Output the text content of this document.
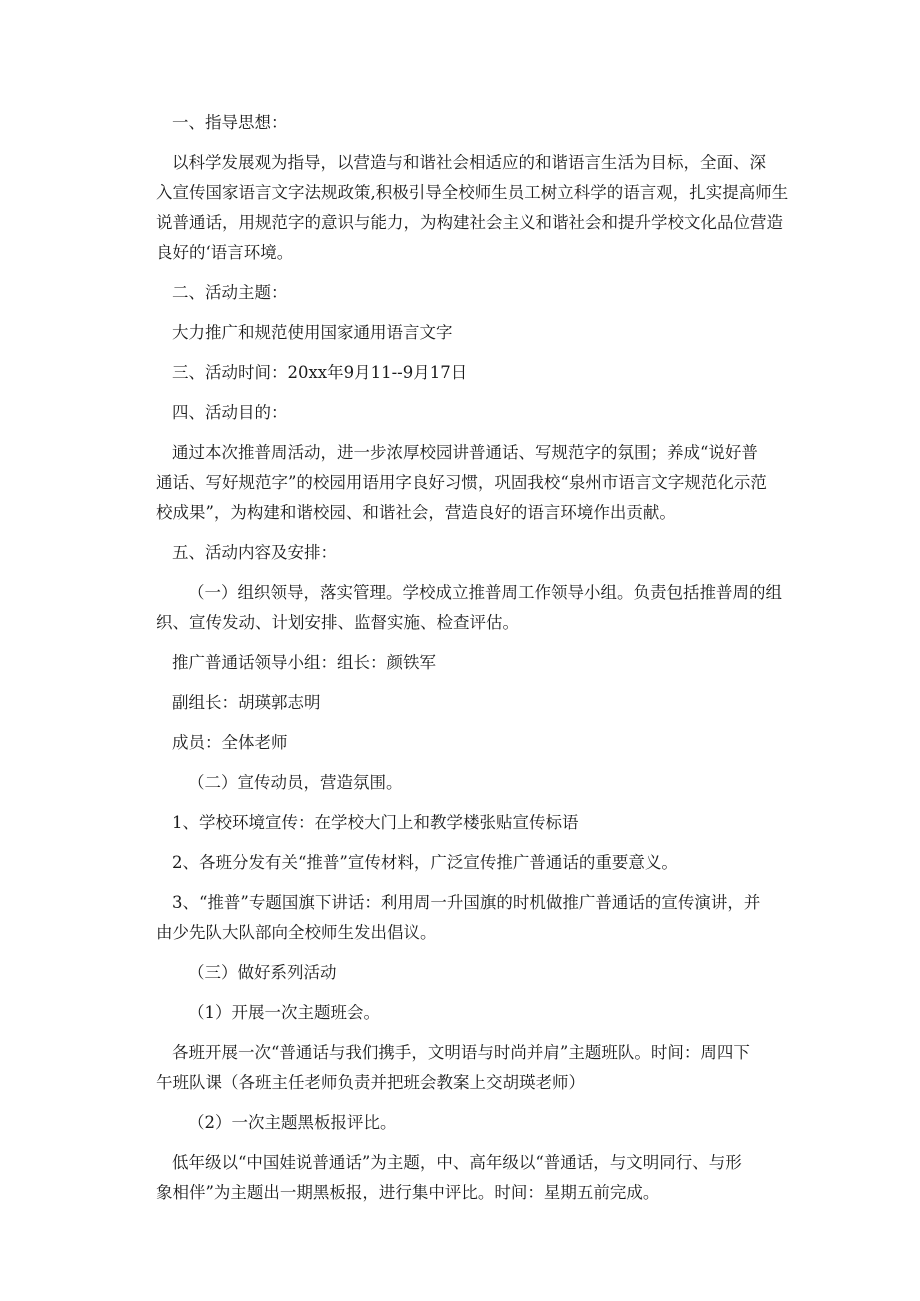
一、指导思想：

以科学发展观为指导，以营造与和谐社会相适应的和谐语言生活为目标，全面、深

入宣传国家语言文字法规政策,积极引导全校师生员工树立科学的语言观，扎实提高师生

说普通话，用规范字的意识与能力，为构建社会主义和谐社会和提升学校文化品位营造

良好的‘语言环境。

二、活动主题：

大力推广和规范使用国家通用语言文字

三、活动时间：20xx年9月11--9月17日

四、活动目的：

通过本次推普周活动，进一步浓厚校园讲普通话、写规范字的氛围；养成“说好普

通话、写好规范字”的校园用语用字良好习惯，巩固我校“泉州市语言文字规范化示范

校成果”，为构建和谐校园、和谐社会，营造良好的语言环境作出贡献。

五、活动内容及安排：

（一）组织领导，落实管理。学校成立推普周工作领导小组。负责包括推普周的组

织、宣传发动、计划安排、监督实施、检查评估。

推广普通话领导小组：组长：颜铁军

副组长：胡瑛郭志明

成员：全体老师

（二）宣传动员，营造氛围。

1、学校环境宣传：在学校大门上和教学楼张贴宣传标语

2、各班分发有关“推普”宣传材料，广泛宣传推广普通话的重要意义。

3、“推普”专题国旗下讲话：利用周一升国旗的时机做推广普通话的宣传演讲，并

由少先队大队部向全校师生发出倡议。

（三）做好系列活动

（1）开展一次主题班会。

各班开展一次“普通话与我们携手，文明语与时尚并肩”主题班队。时间：周四下

午班队课（各班主任老师负责并把班会教案上交胡瑛老师）

（2）一次主题黑板报评比。

低年级以“中国娃说普通话”为主题，中、高年级以“普通话，与文明同行、与形

象相伴”为主题出一期黑板报，进行集中评比。时间：星期五前完成。
